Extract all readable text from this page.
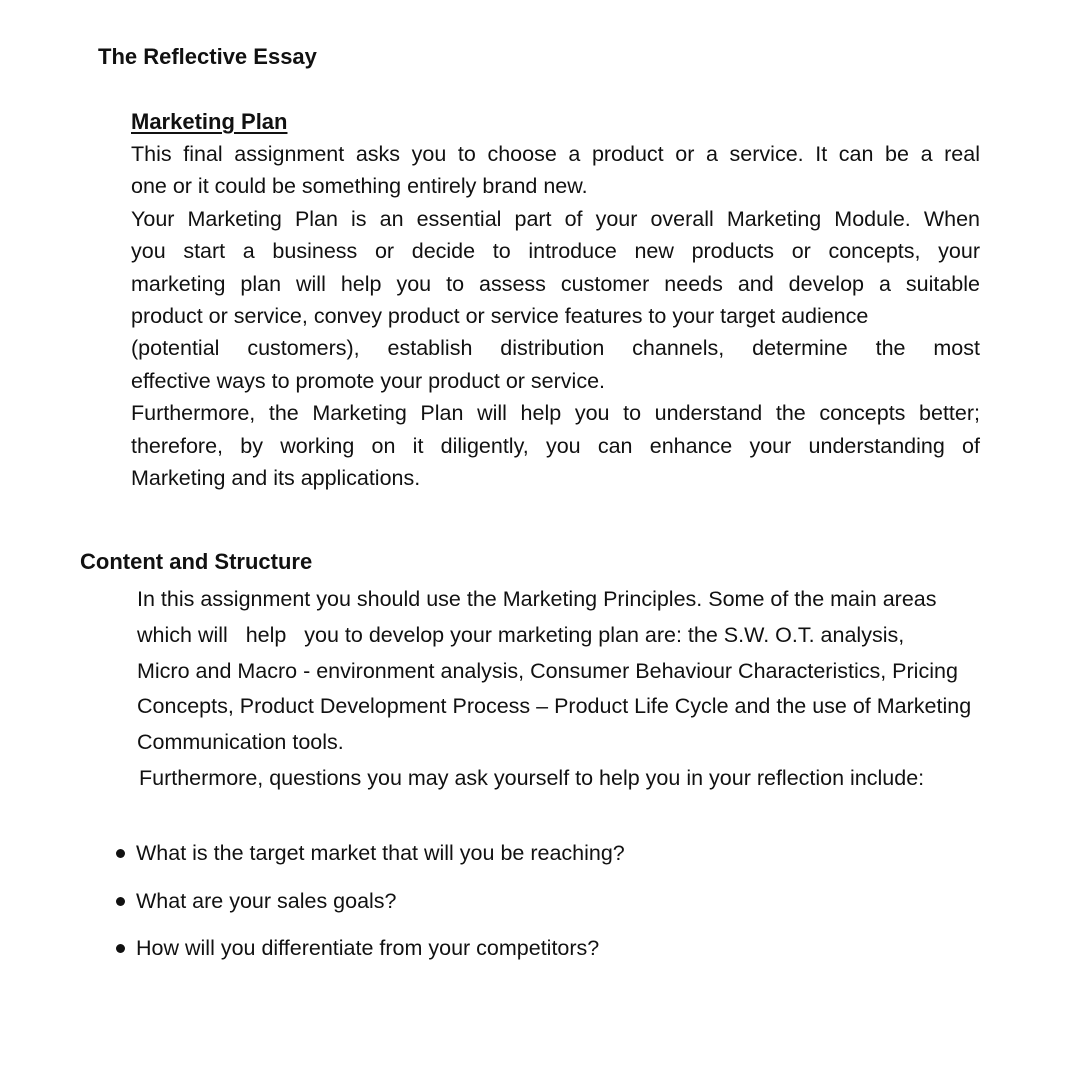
The Reflective Essay
Marketing Plan

This final assignment asks you to choose a product or a service. It can be a real
one or it could be something entirely brand new.
Your Marketing Plan is an essential part of your overall Marketing Module. When
you start a business or decide to introduce new products or concepts, your
marketing plan will help you to assess customer needs and develop a suitable
product or service, convey product or service features to your target audience
(potential customers), establish distribution channels, determine the most
effective ways to promote your product or service.
Furthermore, the Marketing Plan will help you to understand the concepts better;
therefore, by working on it diligently, you can enhance your understanding of
Marketing and its applications.

Content and Structure

In this assignment you should use the Marketing Principles. Some of the main areas
which will   help   you to develop your marketing plan are: the S.W. O.T. analysis,
Micro and Macro - environment analysis, Consumer Behaviour Characteristics, Pricing
Concepts, Product Development Process – Product Life Cycle and the use of Marketing
Communication tools.

Furthermore, questions you may ask yourself to help you in your reflection include:

What is the target market that will you be reaching?
What are your sales goals?
How will you differentiate from your competitors?
